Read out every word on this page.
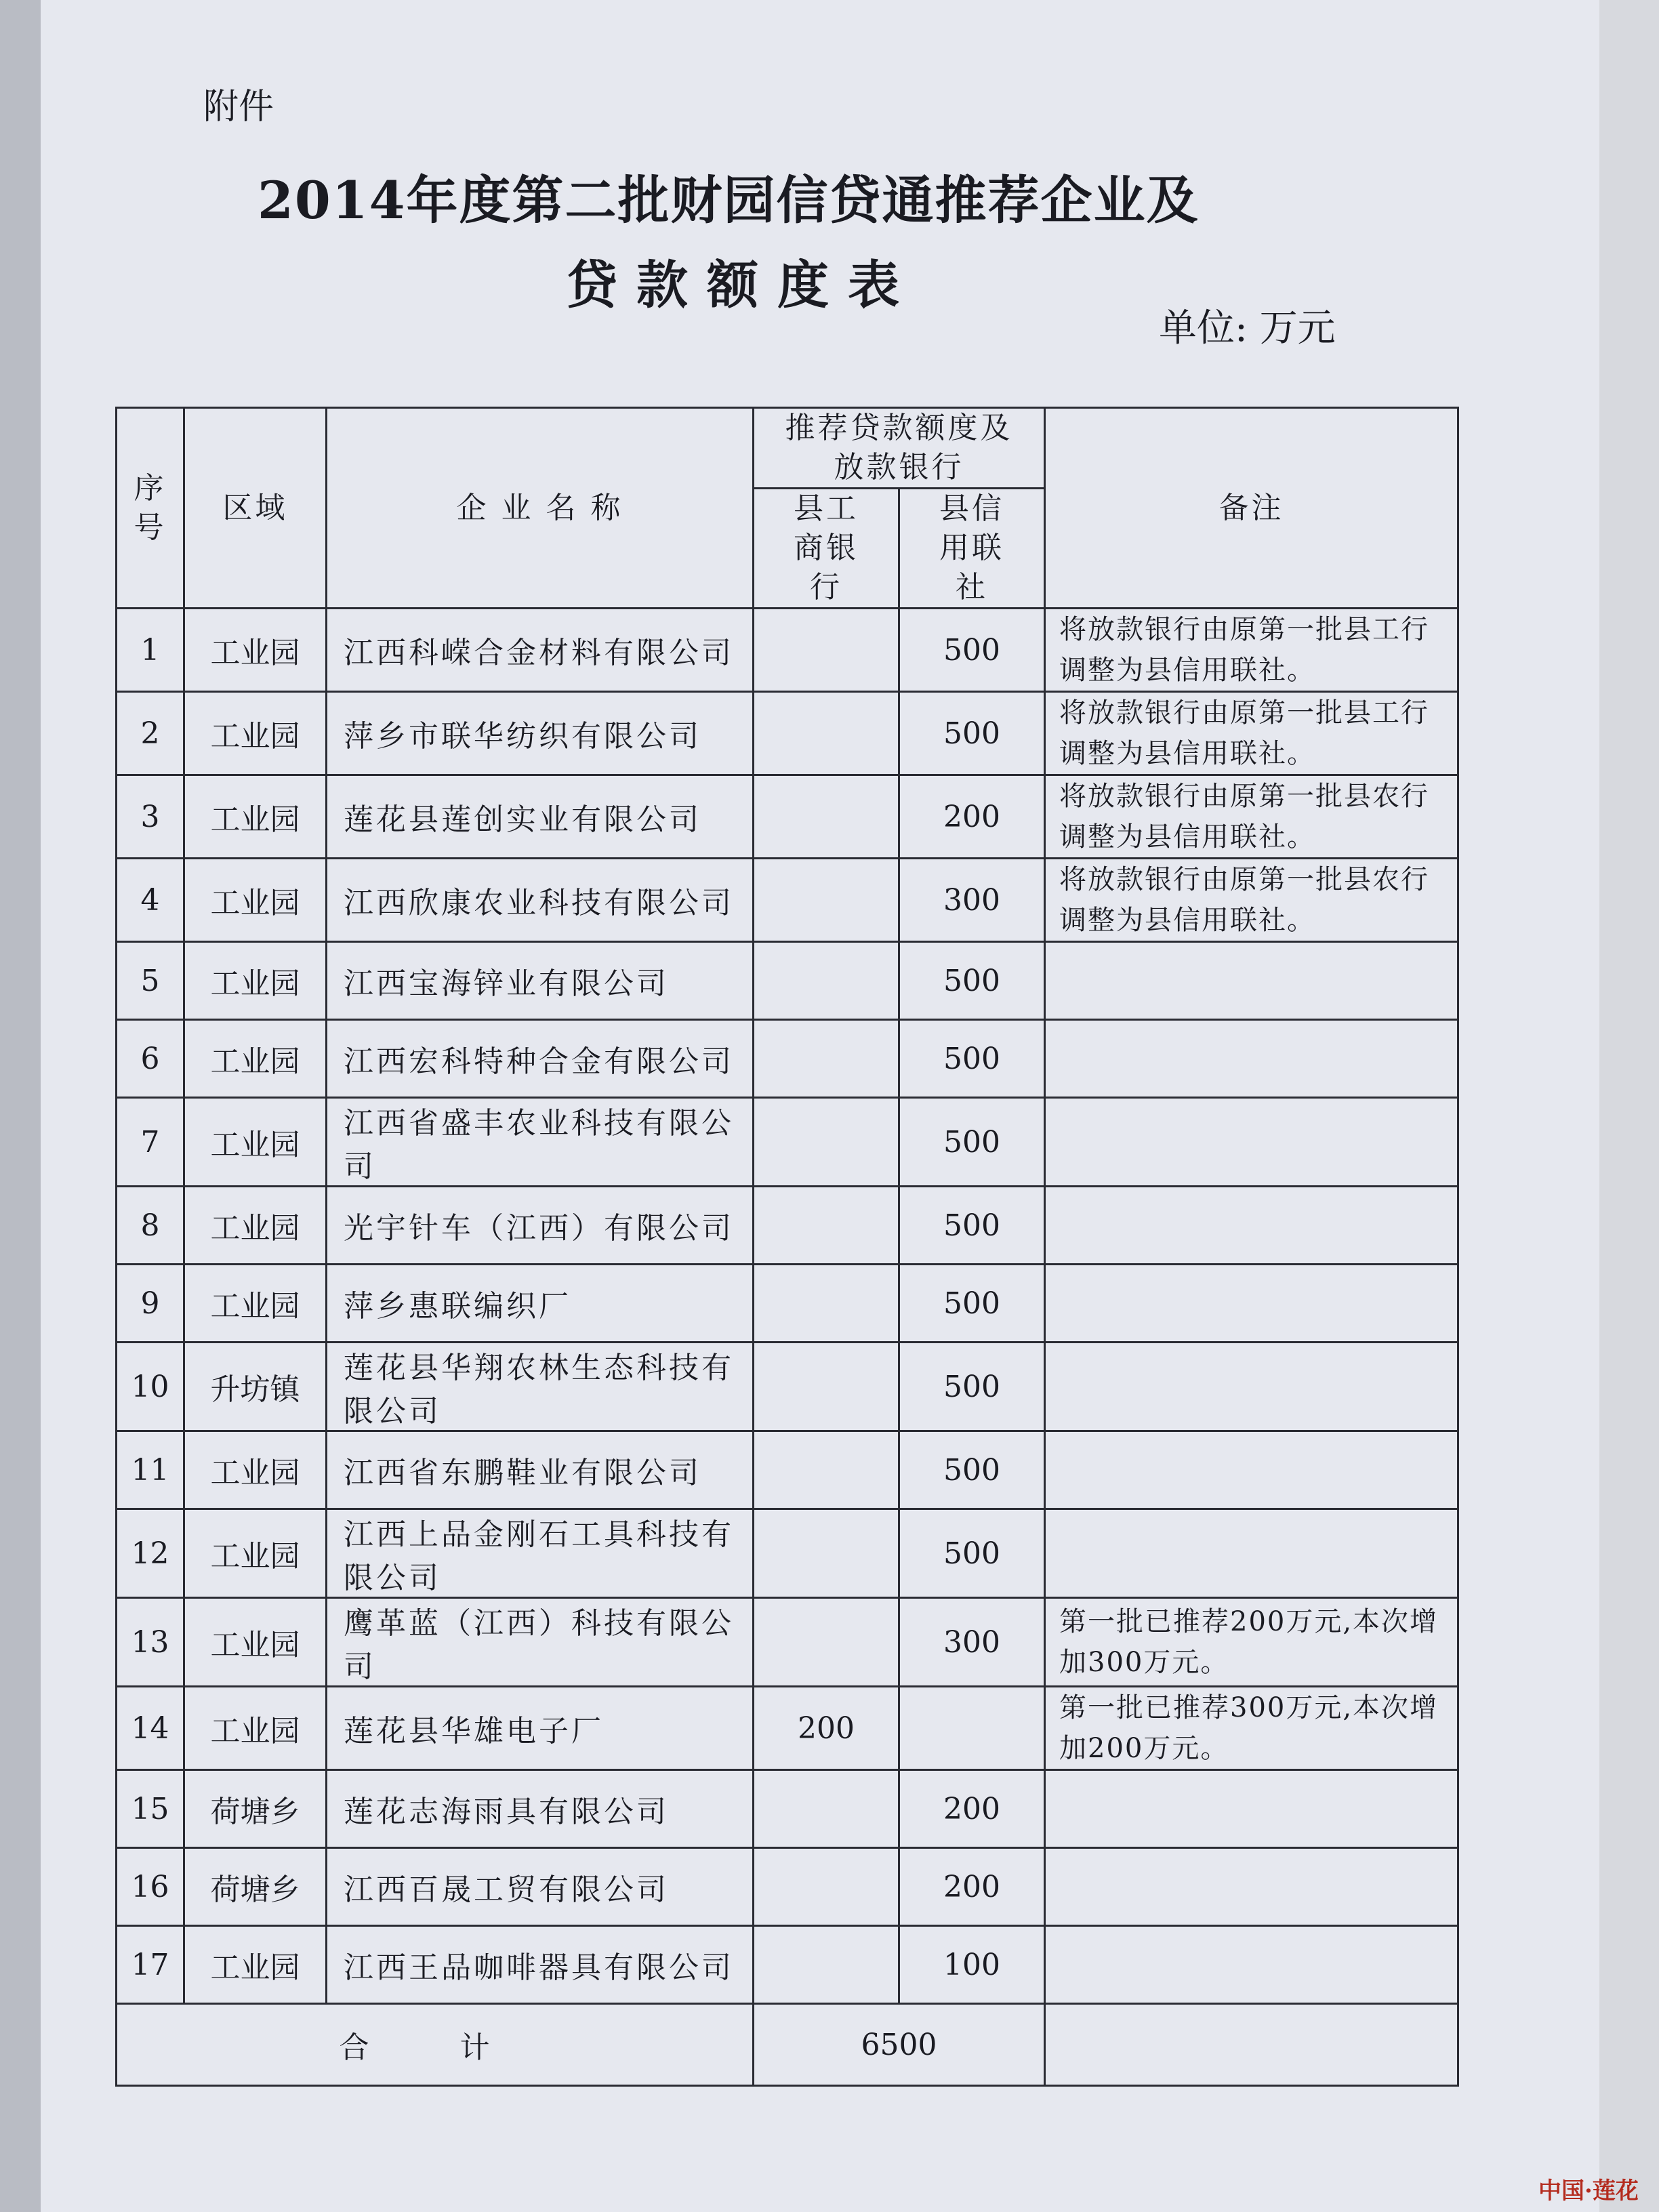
附件
2014年度第二批财园信贷通推荐企业及
贷款额度表
单位: 万元
序号	区域	企 业 名 称	推荐贷款额度及放款银行		备注
			县工商银行	县信用联社	
1	工业园	江西科嵘合金材料有限公司		500	将放款银行由原第一批县工行调整为县信用联社。
2	工业园	萍乡市联华纺织有限公司		500	将放款银行由原第一批县工行调整为县信用联社。
3	工业园	莲花县莲创实业有限公司		200	将放款银行由原第一批县农行调整为县信用联社。
4	工业园	江西欣康农业科技有限公司		300	将放款银行由原第一批县农行调整为县信用联社。
5	工业园	江西宝海锌业有限公司		500	
6	工业园	江西宏科特种合金有限公司		500	
7	工业园	江西省盛丰农业科技有限公司		500	
8	工业园	光宇针车（江西）有限公司		500	
9	工业园	萍乡惠联编织厂		500	
10	升坊镇	莲花县华翔农林生态科技有限公司		500	
11	工业园	江西省东鹏鞋业有限公司		500	
12	工业园	江西上品金刚石工具科技有限公司		500	
13	工业园	鹰革蓝（江西）科技有限公司		300	第一批已推荐200万元,本次增加300万元。
14	工业园	莲花县华雄电子厂	200		第一批已推荐300万元,本次增加200万元。
15	荷塘乡	莲花志海雨具有限公司		200	
16	荷塘乡	江西百晟工贸有限公司		200	
17	工业园	江西王品咖啡器具有限公司		100	
合 计			6500		
中国·莲花
